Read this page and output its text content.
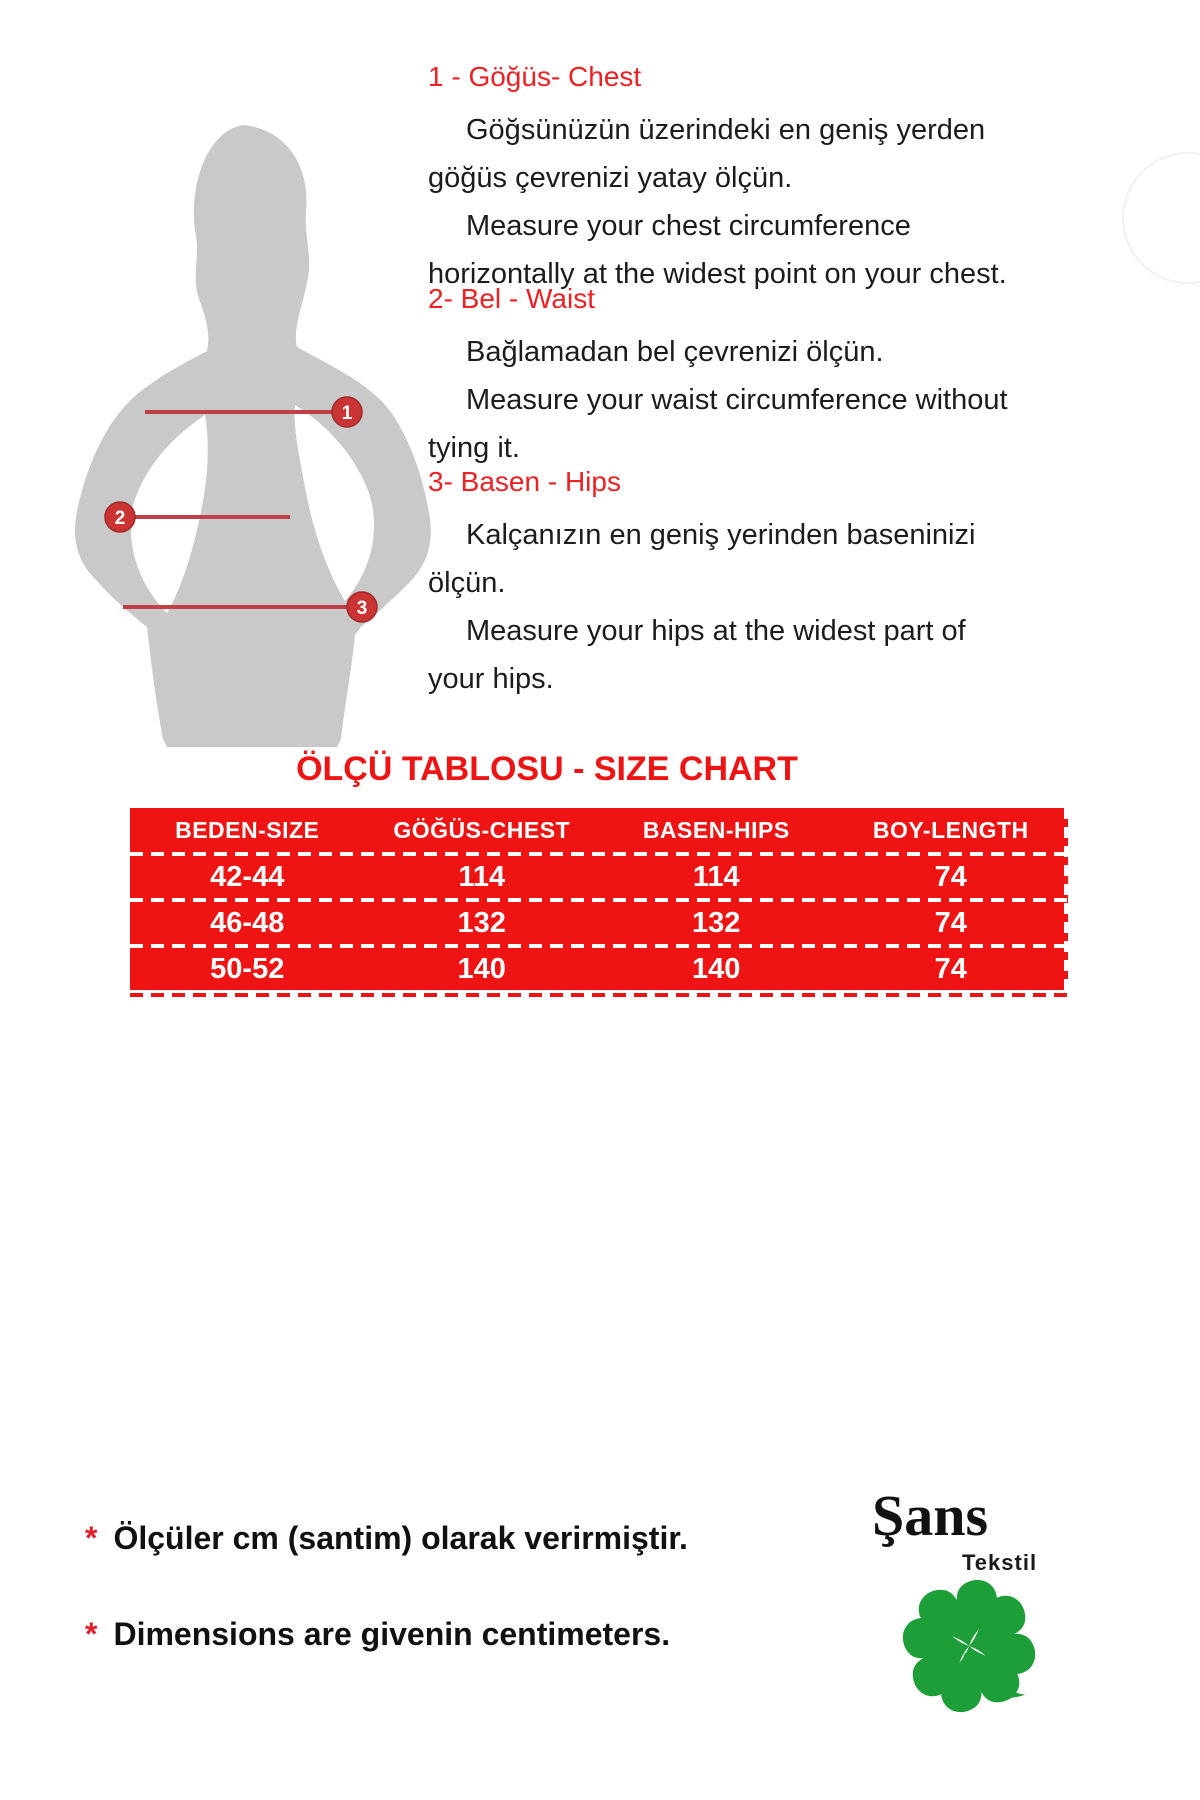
1
2
3
1 - Göğüs- Chest
Göğsünüzün üzerindeki en geniş yerden
göğüs çevrenizi yatay ölçün.
Measure your chest circumference
horizontally at the widest point on your chest.
2- Bel - Waist
Bağlamadan bel çevrenizi ölçün.
Measure your waist circumference without
tying it.
3- Basen - Hips
Kalçanızın en geniş yerinden baseninizi
ölçün.
Measure your hips at the widest part of
your hips.
ÖLÇÜ TABLOSU - SIZE CHART
BEDEN-SIZE	GÖĞÜS-CHEST	BASEN-HIPS	BOY-LENGTH
42-44	114	114	74
46-48	132	132	74
50-52	140	140	74
* Ölçüler cm (santim) olarak verirmiştir.
* Dimensions are givenin centimeters.
Şans
Tekstil
